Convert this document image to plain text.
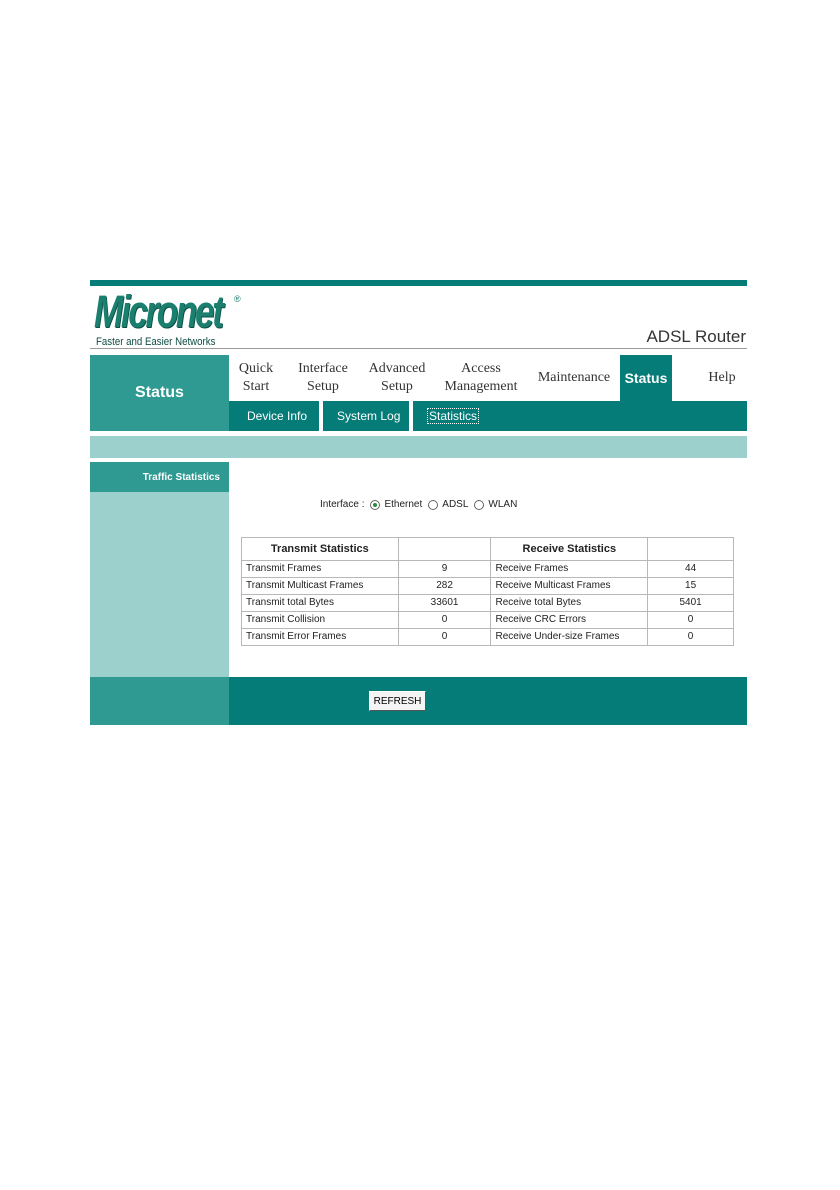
Micronet ®
Faster and Easier Networks	ADSL Router
Status
Quick
Start
Interface
Setup
Advanced
Setup
Access
Management
Maintenance Status	Help
Device Info System Log Statistics
Traffic Statistics
Interface : Ethernet ADSL WLAN
Transmit Statistics		Receive Statistics	
Transmit Frames	9	Receive Frames	44
Transmit Multicast Frames	282	Receive Multicast Frames	15
Transmit total Bytes	33601	Receive total Bytes	5401
Transmit Collision	0	Receive CRC Errors	0
Transmit Error Frames	0	Receive Under-size Frames	0
REFRESH
